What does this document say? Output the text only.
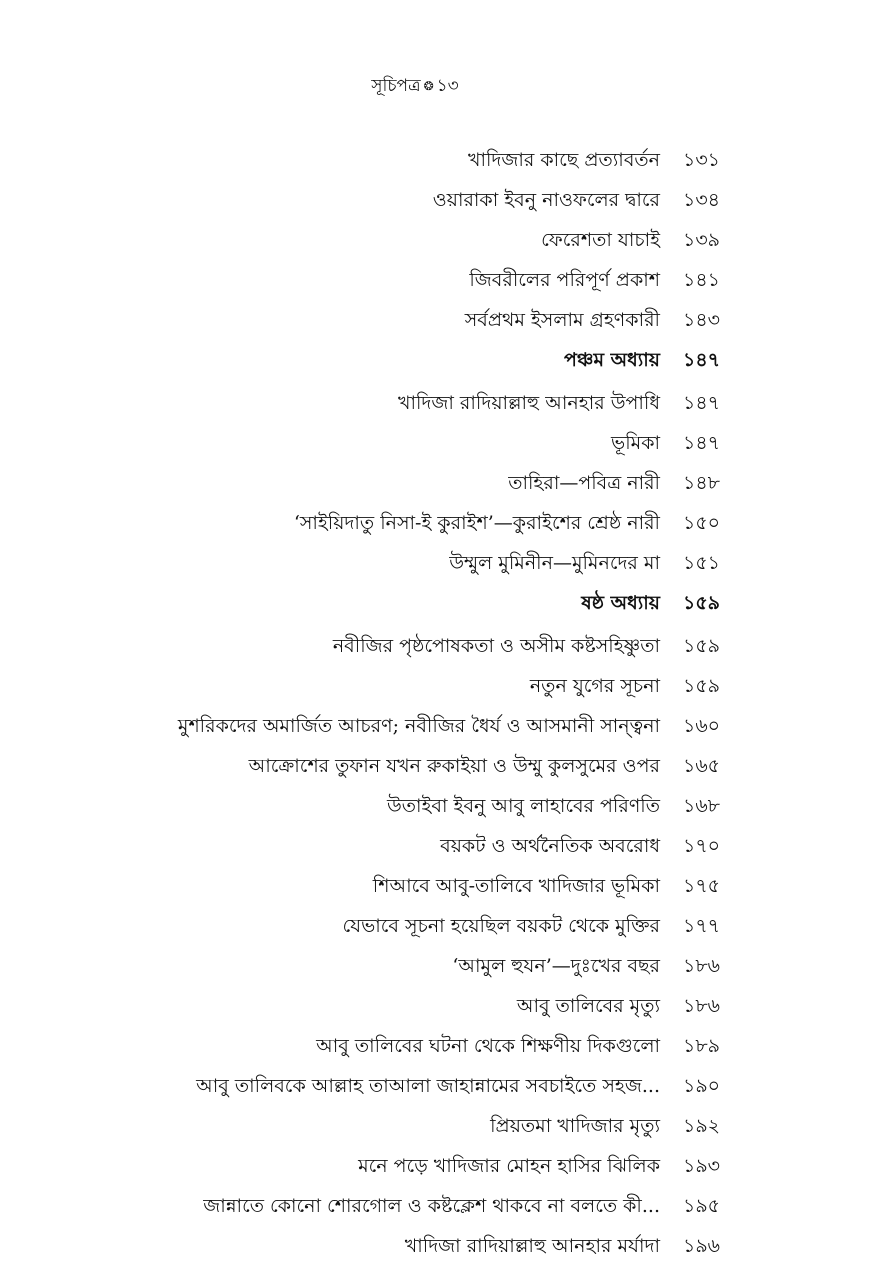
সূচিপত্র ❂ ১৩
খাদিজার কাছে প্রত্যাবর্তন ১৩১
ওয়ারাকা ইবনু নাওফলের দ্বারে ১৩৪
ফেরেশতা যাচাই ১৩৯
জিবরীলের পরিপূর্ণ প্রকাশ ১৪১
সর্বপ্রথম ইসলাম গ্রহণকারী ১৪৩
পঞ্চম অধ্যায় ১৪৭
খাদিজা রাদিয়াল্লাহু আনহার উপাধি ১৪৭
ভূমিকা ১৪৭
তাহিরা—পবিত্র নারী ১৪৮
‘সাইয়িদাতু নিসা-ই কুরাইশ’—কুরাইশের শ্রেষ্ঠ নারী ১৫০
উম্মুল মুমিনীন—মুমিনদের মা ১৫১
ষষ্ঠ অধ্যায় ১৫৯
নবীজির পৃষ্ঠপোষকতা ও অসীম কষ্টসহিষ্ণুতা ১৫৯
নতুন যুগের সূচনা ১৫৯
মুশরিকদের অমার্জিত আচরণ; নবীজির ধৈর্য ও আসমানী সান্ত্বনা ১৬০
আক্রোশের তুফান যখন রুকাইয়া ও উম্মু কুলসুমের ওপর ১৬৫
উতাইবা ইবনু আবু লাহাবের পরিণতি ১৬৮
বয়কট ও অর্থনৈতিক অবরোধ ১৭০
শিআবে আবু-তালিবে খাদিজার ভূমিকা ১৭৫
যেভাবে সূচনা হয়েছিল বয়কট থেকে মুক্তির ১৭৭
‘আমুল হুযন’—দুঃখের বছর ১৮৬
আবু তালিবের মৃত্যু ১৮৬
আবু তালিবের ঘটনা থেকে শিক্ষণীয় দিকগুলো ১৮৯
আবু তালিবকে আল্লাহ তাআলা জাহান্নামের সবচাইতে সহজ... ১৯০
প্রিয়তমা খাদিজার মৃত্যু ১৯২
মনে পড়ে খাদিজার মোহন হাসির ঝিলিক ১৯৩
জান্নাতে কোনো শোরগোল ও কষ্টক্লেশ থাকবে না বলতে কী... ১৯৫
খাদিজা রাদিয়াল্লাহু আনহার মর্যাদা ১৯৬
